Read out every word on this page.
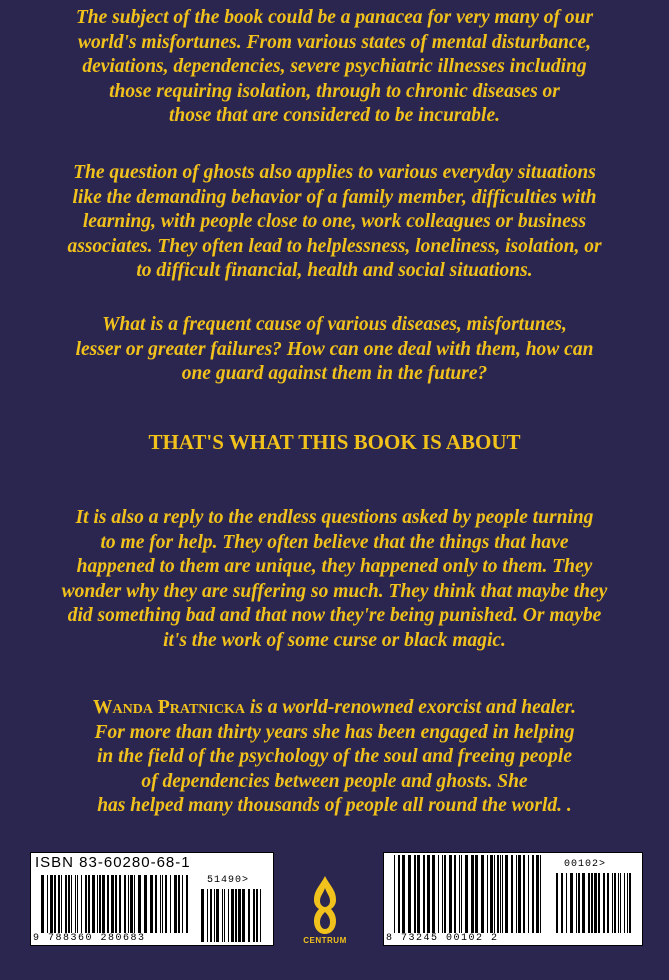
The subject of the book could be a panacea for very many of our
world's misfortunes. From various states of mental disturbance,
deviations, dependencies, severe psychiatric illnesses including
those requiring isolation, through to chronic diseases or
those that are considered to be incurable.
The question of ghosts also applies to various everyday situations
like the demanding behavior of a family member, difficulties with
learning, with people close to one, work colleagues or business
associates. They often lead to helplessness, loneliness, isolation, or
to difficult financial, health and social situations.
What is a frequent cause of various diseases, misfortunes,
lesser or greater failures? How can one deal with them, how can
one guard against them in the future?
THAT'S WHAT THIS BOOK IS ABOUT
It is also a reply to the endless questions asked by people turning
to me for help. They often believe that the things that have
happened to them are unique, they happened only to them. They
wonder why they are suffering so much. They think that maybe they
did something bad and that now they're being punished. Or maybe
it's the work of some curse or black magic.
Wanda Pratnicka is a world-renowned exorcist and healer.
For more than thirty years she has been engaged in helping
in the field of the psychology of the soul and freeing people
of dependencies between people and ghosts. She
has helped many thousands of people all round the world. .
ISBN 83-60280-68-1
51490>
9 788360 280683	CENTRUM
00102>
8 73245 00102 2
